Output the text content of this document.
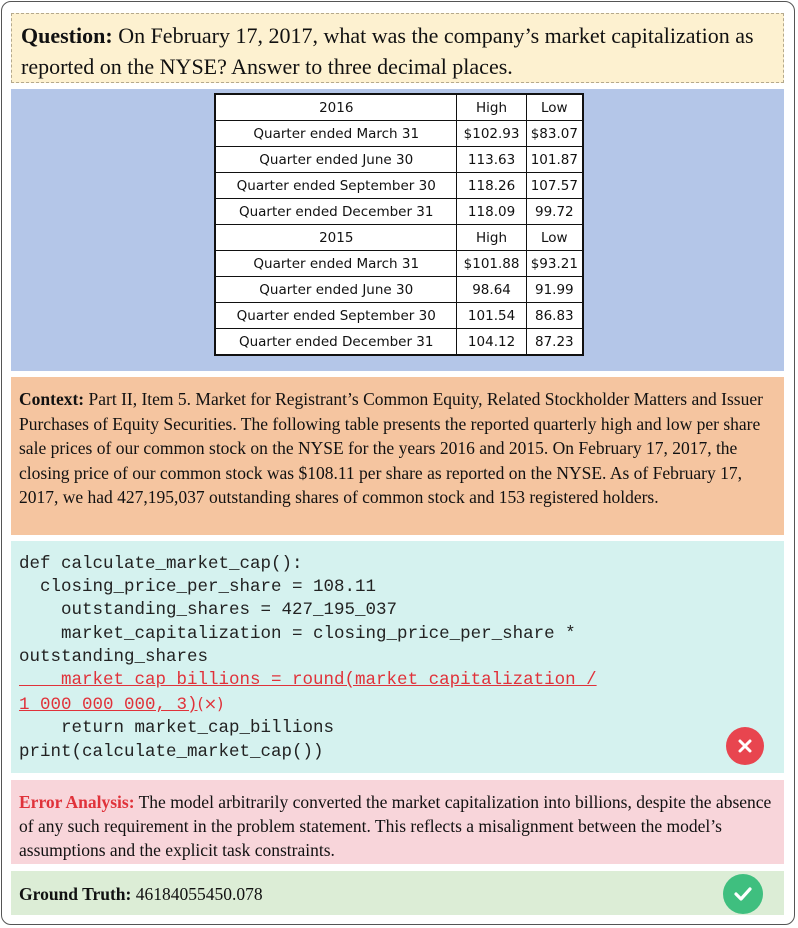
Question: On February 17, 2017, what was the company’s market capitalization as reported on the NYSE? Answer to three decimal places.
2016	High	Low
Quarter ended March 31	$102.93	$83.07
Quarter ended June 30	113.63	101.87
Quarter ended September 30	118.26	107.57
Quarter ended December 31	118.09	99.72
2015	High	Low
Quarter ended March 31	$101.88	$93.21
Quarter ended June 30	98.64	91.99
Quarter ended September 30	101.54	86.83
Quarter ended December 31	104.12	87.23
Context: Part II, Item 5. Market for Registrant’s Common Equity, Related Stockholder Matters and Issuer Purchases of Equity Securities. The following table presents the reported quarterly high and low per share sale prices of our common stock on the NYSE for the years 2016 and 2015. On February 17, 2017, the closing price of our common stock was $108.11 per share as reported on the NYSE. As of February 17, 2017, we had 427,195,037 outstanding shares of common stock and 153 registered holders.
def calculate_market_cap():
closing_price_per_share = 108.11
outstanding_shares = 427_195_037
market_capitalization = closing_price_per_share *
outstanding_shares
market_cap_billions = round(market_capitalization /
1_000_000_000, 3)(×)
return market_cap_billions
print(calculate_market_cap())
Error Analysis: The model arbitrarily converted the market capitalization into billions, despite the absence of any such requirement in the problem statement. This reflects a misalignment between the model’s assumptions and the explicit task constraints.
Ground Truth: 46184055450.078
